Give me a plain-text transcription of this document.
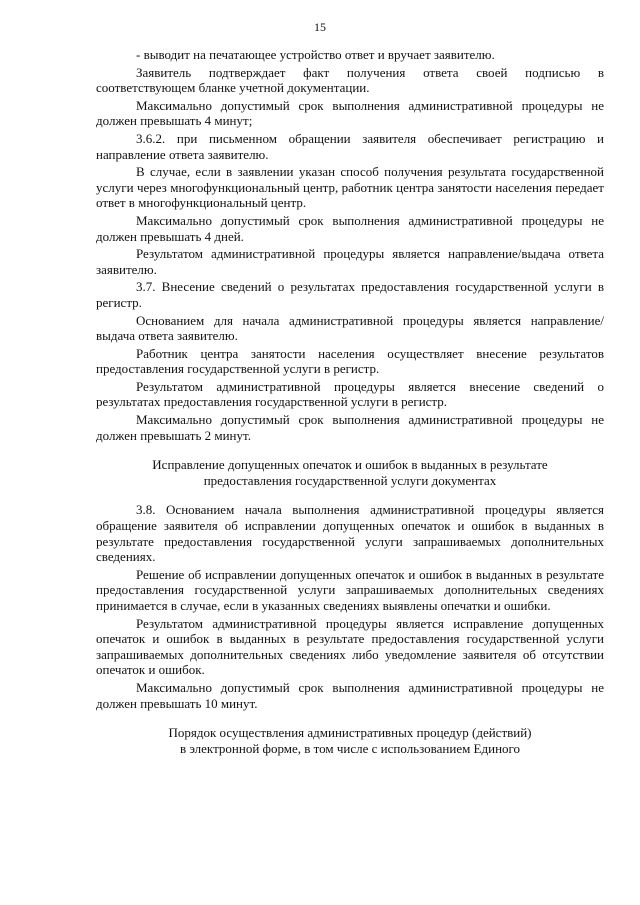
15

- выводит на печатающее устройство ответ и вручает заявителю.

Заявитель подтверждает факт получения ответа своей подписью в соответствующем бланке учетной документации.

Максимально допустимый срок выполнения административной процедуры не должен превышать 4 минут;

3.6.2. при письменном обращении заявителя обеспечивает регистрацию и направление ответа заявителю.

В случае, если в заявлении указан способ получения результата государственной услуги через многофункциональный центр, работник центра занятости населения передает ответ в многофункциональный центр.

Максимально допустимый срок выполнения административной процедуры не должен превышать 4 дней.

Результатом административной процедуры является направление/выдача ответа заявителю.

3.7. Внесение сведений о результатах предоставления государственной услуги в регистр.

Основанием для начала административной процедуры является направление/выдача ответа заявителю.

Работник центра занятости населения осуществляет внесение результатов предоставления государственной услуги в регистр.

Результатом административной процедуры является внесение сведений о результатах предоставления государственной услуги в регистр.

Максимально допустимый срок выполнения административной процедуры не должен превышать 2 минут.

Исправление допущенных опечаток и ошибок в выданных в результате
предоставления государственной услуги документах

3.8. Основанием начала выполнения административной процедуры является обращение заявителя об исправлении допущенных опечаток и ошибок в выданных в результате предоставления государственной услуги запрашиваемых дополнительных сведениях.

Решение об исправлении допущенных опечаток и ошибок в выданных в результате предоставления государственной услуги запрашиваемых дополнительных сведениях принимается в случае, если в указанных сведениях выявлены опечатки и ошибки.

Результатом административной процедуры является исправление допущенных опечаток и ошибок в выданных в результате предоставления государственной услуги запрашиваемых дополнительных сведениях либо уведомление заявителя об отсутствии опечаток и ошибок.

Максимально допустимый срок выполнения административной процедуры не должен превышать 10 минут.

Порядок осуществления административных процедур (действий)
в электронной форме, в том числе с использованием Единого
